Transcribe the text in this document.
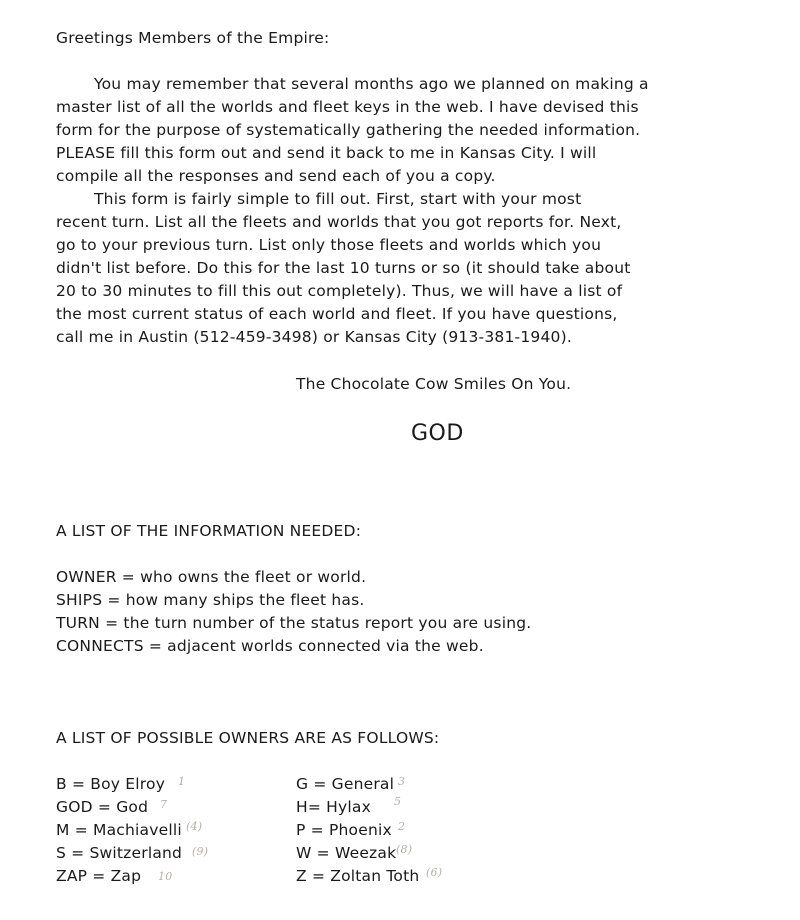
Greetings Members of the Empire:
You may remember that several months ago we planned on making a
master list of all the worlds and fleet keys in the web. I have devised this
form for the purpose of systematically gathering the needed information.
PLEASE fill this form out and send it back to me in Kansas City. I will
compile all the responses and send each of you a copy.
This form is fairly simple to fill out. First, start with your most
recent turn. List all the fleets and worlds that you got reports for. Next,
go to your previous turn. List only those fleets and worlds which you
didn't list before. Do this for the last 10 turns or so (it should take about
20 to 30 minutes to fill this out completely). Thus, we will have a list of
the most current status of each world and fleet. If you have questions,
call me in Austin (512-459-3498) or Kansas City (913-381-1940).
The Chocolate Cow Smiles On You.
GOD
A LIST OF THE INFORMATION NEEDED:
OWNER = who owns the fleet or world.
SHIPS = how many ships the fleet has.
TURN = the turn number of the status report you are using.
CONNECTS = adjacent worlds connected via the web.
A LIST OF POSSIBLE OWNERS ARE AS FOLLOWS:
B = Boy Elroy 1
GOD = God 7
M = Machiavelli (4)
S = Switzerland (9)
ZAP = Zap 10
G = General 3
H= Hylax 5
P = Phoenix 2
W = Weezak (8)
Z = Zoltan Toth (6)
